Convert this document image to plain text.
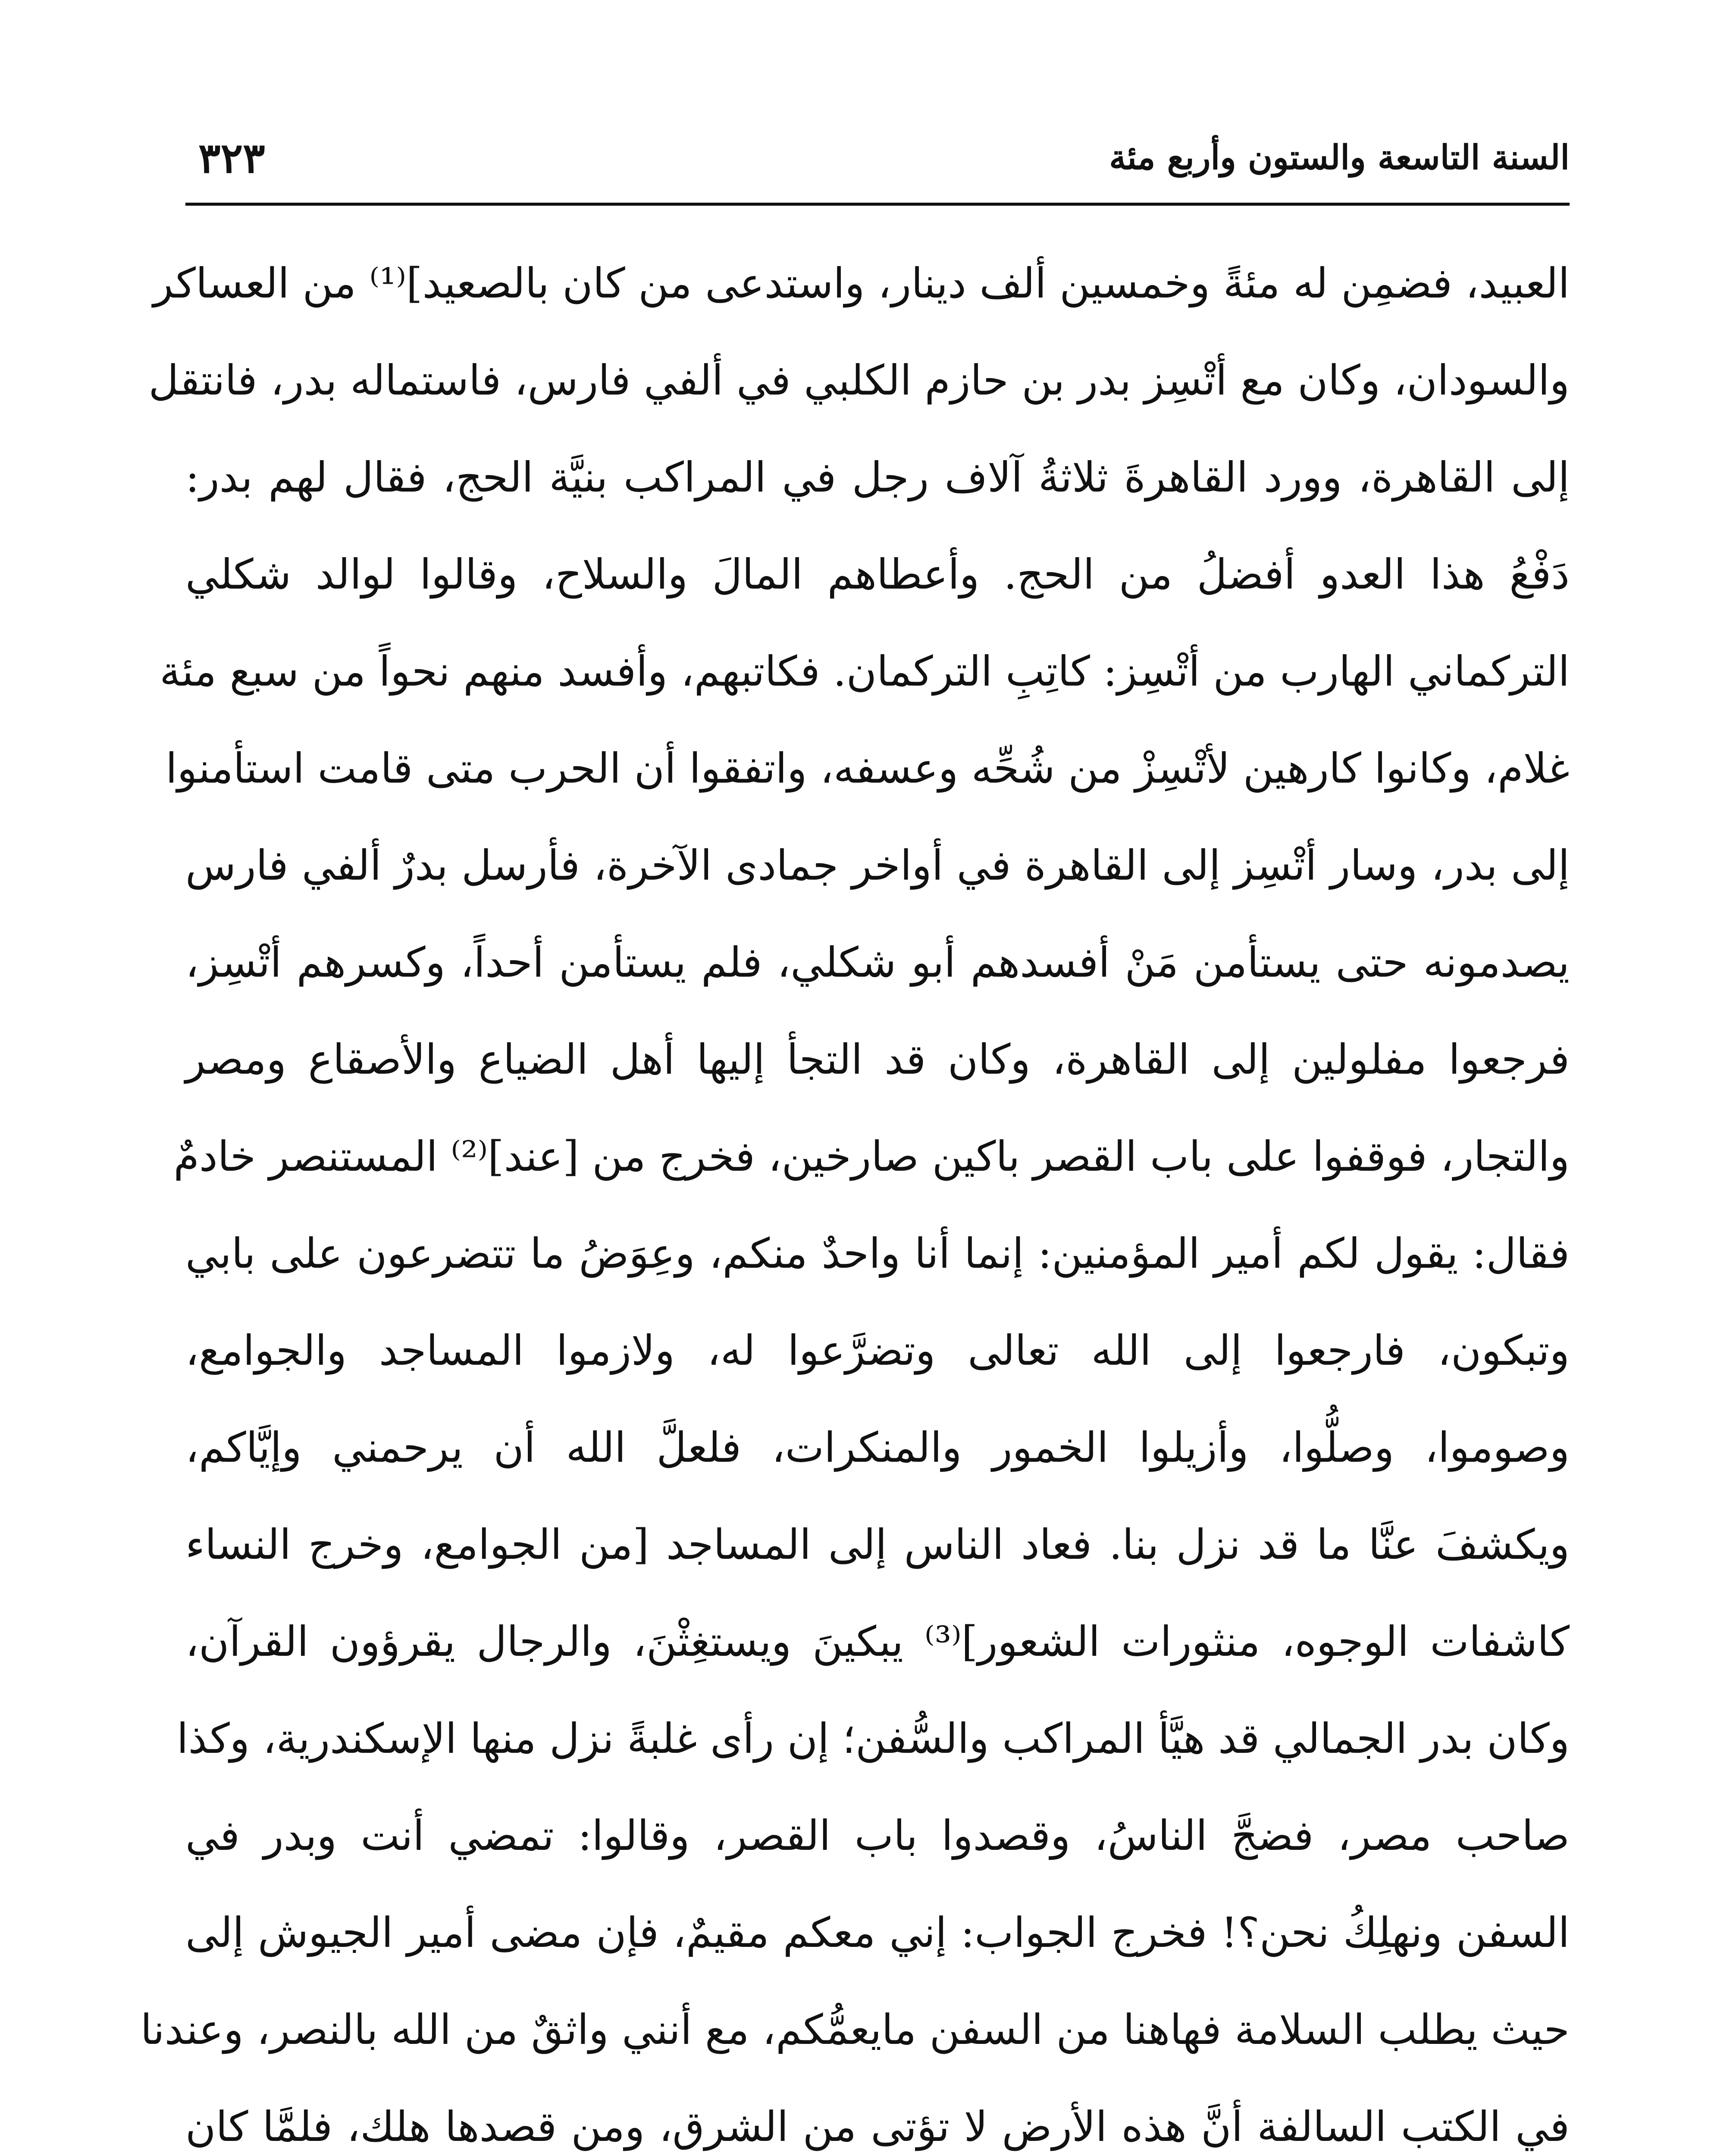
السنة التاسعة والستون وأربع مئة
٣٢٣
العبيد، فضمِن له مئةً وخمسين ألف دينار، واستدعى من كان بالصعيد]⁽¹⁾ من العساكر
والسودان، وكان مع أتْسِز بدر بن حازم الكلبي في ألفي فارس، فاستماله بدر، فانتقل
إلى القاهرة، وورد القاهرةَ ثلاثةُ آلاف رجل في المراكب بنيَّة الحج، فقال لهم بدر:
دَفْعُ هذا العدو أفضلُ من الحج. وأعطاهم المالَ والسلاح، وقالوا لوالد شكلي
التركماني الهارب من أتْسِز: كاتِبِ التركمان. فكاتبهم، وأفسد منهم نحواً من سبع مئة
غلام، وكانوا كارهين لأتْسِزْ من شُحِّه وعسفه، واتفقوا أن الحرب متى قامت استأمنوا
إلى بدر، وسار أتْسِز إلى القاهرة في أواخر جمادى الآخرة، فأرسل بدرٌ ألفي فارس
يصدمونه حتى يستأمن مَنْ أفسدهم أبو شكلي، فلم يستأمن أحداً، وكسرهم أتْسِز،
فرجعوا مفلولين إلى القاهرة، وكان قد التجأ إليها أهل الضياع والأصقاع ومصر
والتجار، فوقفوا على باب القصر باكين صارخين، فخرج من [عند]⁽²⁾ المستنصر خادمٌ
فقال: يقول لكم أمير المؤمنين: إنما أنا واحدٌ منكم، وعِوَضُ ما تتضرعون على بابي
وتبكون، فارجعوا إلى الله تعالى وتضرَّعوا له، ولازموا المساجد والجوامع،
وصوموا، وصلُّوا، وأزيلوا الخمور والمنكرات، فلعلَّ الله أن يرحمني وإيَّاكم،
ويكشفَ عنَّا ما قد نزل بنا. فعاد الناس إلى المساجد [من الجوامع، وخرج النساء
كاشفات الوجوه، منثورات الشعور]⁽³⁾ يبكينَ ويستغِثْنَ، والرجال يقرؤون القرآن،
وكان بدر الجمالي قد هيَّأ المراكب والسُّفن؛ إن رأى غلبةً نزل منها الإسكندرية، وكذا
صاحب مصر، فضجَّ الناسُ، وقصدوا باب القصر، وقالوا: تمضي أنت وبدر في
السفن ونهلِكُ نحن؟! فخرج الجواب: إني معكم مقيمٌ، فإن مضى أمير الجيوش إلى
حيث يطلب السلامة فهاهنا من السفن مايعمُّكم، مع أنني واثقٌ من الله بالنصر، وعندنا
في الكتب السالفة أنَّ هذه الأرض لا تؤتى من الشرق، ومن قصدها هلك، فلمَّا كان
